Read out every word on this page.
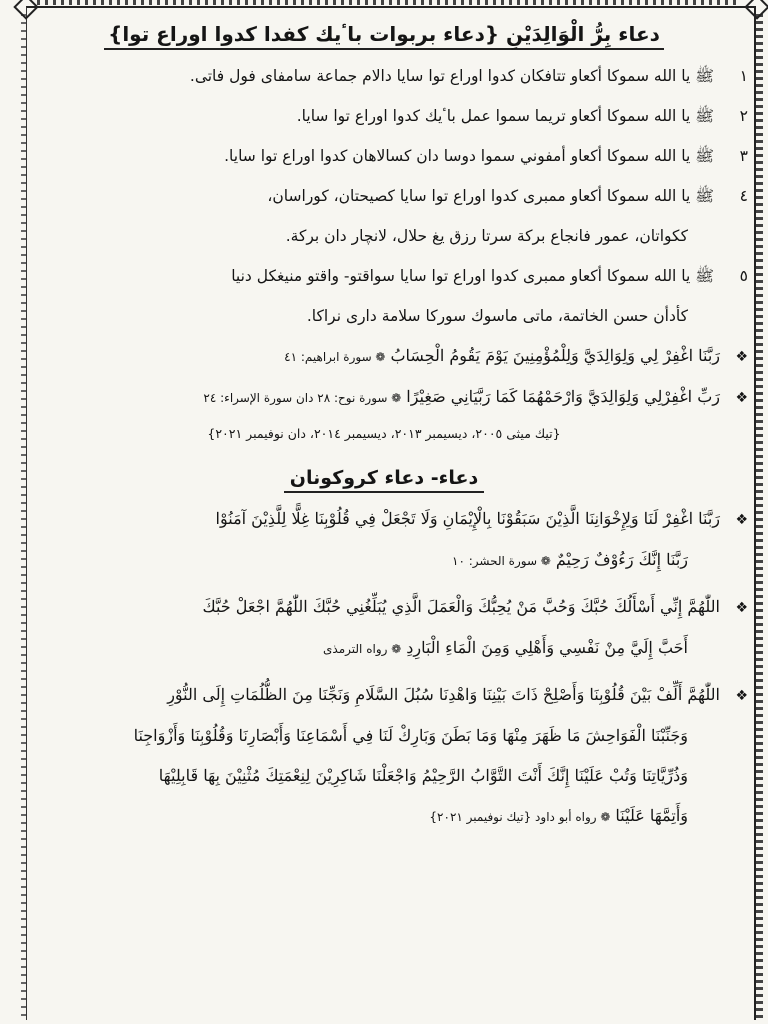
دعاء بِرُّ الْوَالِدَيْنِ {دعاء بربوات باٴيك كفدا كدوا اوراع توا}

١ﷺ يا الله سموكا أكعاو تتافكان كدوا اوراع توا سايا دالام جماعة سامفاى فول فاتى.

٢ﷺ يا الله سموكا أكعاو تريما سموا عمل باٴيك كدوا اوراع توا سايا.

٣ﷺ يا الله سموكا أكعاو أمفوني سموا دوسا دان كسالاهان كدوا اوراع توا سايا.

٤ﷺ يا الله سموكا أكعاو ممبرى كدوا اوراع توا سايا كصيحتان، كوراسان،

ككواتان، عمور فانجاع بركة سرتا رزق يغ حلال، لانچار دان بركة.

٥ﷺ يا الله سموكا أكعاو ممبرى كدوا اوراع توا سايا سواقتو- واقتو منيغكل دنيا

كأدأن حسن الخاتمة، ماتى ماسوك سوركا سلامة دارى نراكا.

❖رَبَّنَا اغْفِرْ لِي وَلِوَالِدَيَّ وَلِلْمُؤْمِنِينَ يَوْمَ يَقُومُ الْحِسَابُ ❁ سورة ابراهيم: ٤١

❖رَبِّ اغْفِرْلِي وَلِوَالِدَيَّ وَارْحَمْهُمَا كَمَا رَبَّيَانِي صَغِيْرًا ❁ سورة نوح: ٢٨ دان سورة الإسراء: ٢٤

{تيك ميثى ٢٠٠٥، ديسيمبر ٢٠١٣، ديسيمبر ٢٠١٤، دان نوفيمبر ٢٠٢١}
دعاء- دعاء كروكونان

❖رَبَّنَا اغْفِرْ لَنَا وَلِإِخْوَانِنَا الَّذِيْنَ سَبَقُوْنَا بِالْإِيْمَانِ وَلَا تَجْعَلْ فِي قُلُوْبِنَا غِلًّا لِلَّذِيْنَ آمَنُوْا

رَبَّنَا إِنَّكَ رَءُوْفٌ رَحِيْمٌ ❁ سورة الحشر: ١٠

❖اللّٰهُمَّ إِنِّي أَسْأَلُكَ حُبَّكَ وَحُبَّ مَنْ يُحِبُّكَ وَالْعَمَلَ الَّذِي يُبَلِّغُنِي حُبَّكَ اللّٰهُمَّ اجْعَلْ حُبَّكَ

أَحَبَّ إِلَيَّ مِنْ نَفْسِي وَأَهْلِي وَمِنَ الْمَاءِ الْبَارِدِ ❁ رواه الترمذى

❖اللّٰهُمَّ أَلِّفْ بَيْنَ قُلُوْبِنَا وَأَصْلِحْ ذَاتَ بَيْنِنَا وَاهْدِنَا سُبُلَ السَّلَامِ وَنَجِّنَا مِنَ الظُّلُمَاتِ إِلَى النُّوْرِ

وَجَنِّبْنَا الْفَوَاحِشَ مَا ظَهَرَ مِنْهَا وَمَا بَطَنَ وَبَارِكْ لَنَا فِي أَسْمَاعِنَا وَأَبْصَارِنَا وَقُلُوْبِنَا وَأَزْوَاجِنَا

وَذُرِّيَّاتِنَا وَتُبْ عَلَيْنَا إِنَّكَ أَنْتَ التَّوَّابُ الرَّحِيْمُ وَاجْعَلْنَا شَاكِرِيْنَ لِنِعْمَتِكَ مُثْنِيْنَ بِهَا قَابِلِيْهَا

وَأَتِمَّهَا عَلَيْنَا ❁ رواه أبو داود {تيك نوفيمبر ٢٠٢١}
